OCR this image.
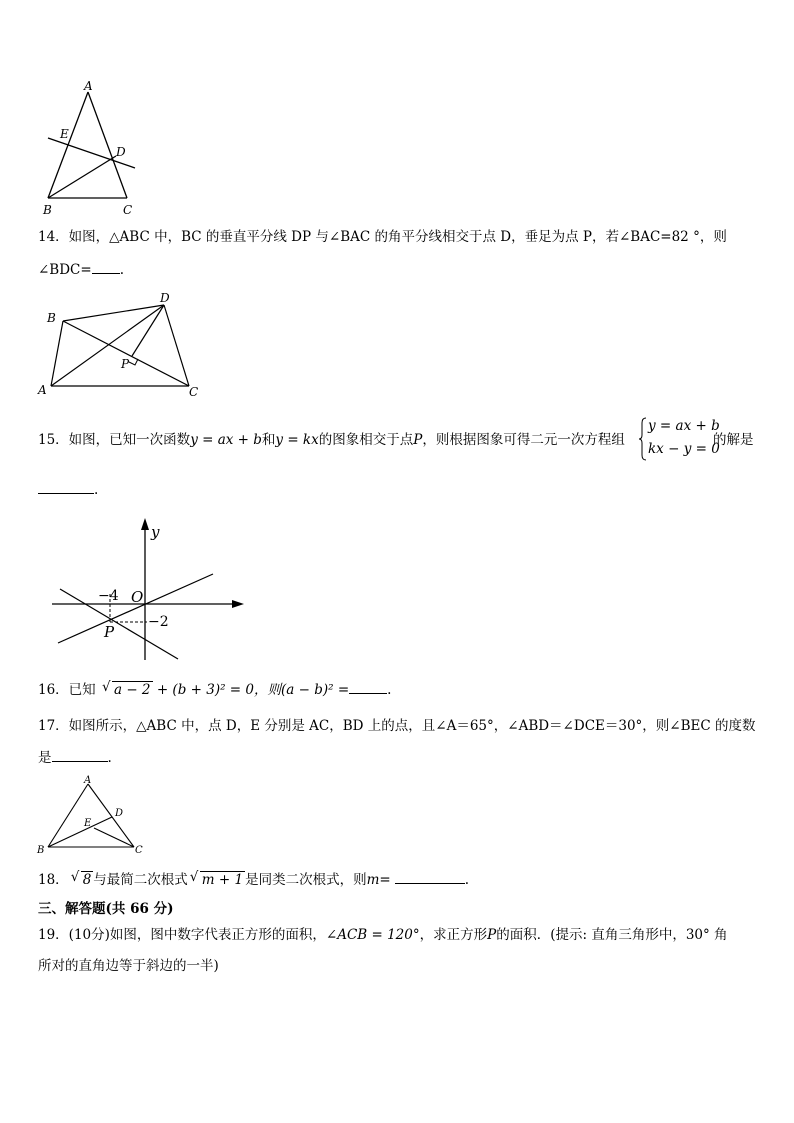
A
E
D
B	C
14．如图，△ABC 中，BC 的垂直平分线 DP 与∠BAC 的角平分线相交于点 D，垂足为点 P，若∠BAC=82 °，则
∠BDC= .
B
D
P
A	C
15．如图，已知一次函数y = ax + b和y = kx的图象相交于点P，则根据图象可得二元一次方程组
y = ax + b
kx − y = 0
的解是
.
y
O
P
−4
−2
16．已知 √ a − 2 + (b + 3)² = 0，则(a − b)² =	.
17．如图所示，△ABC 中，点 D，E 分别是 AC，BD 上的点，且∠A＝65°，∠ABD＝∠DCE＝30°，则∠BEC 的度数
是	.
A
D
E
B	C
18． √ 8 与最简二次根式 √ m + 1 是同类二次根式，则m=	.
三、解答题(共 66 分)
19．(10分)如图，图中数字代表正方形的面积，∠ACB = 120°，求正方形P的面积．(提示: 直角三角形中，30° 角
所对的直角边等于斜边的一半)
